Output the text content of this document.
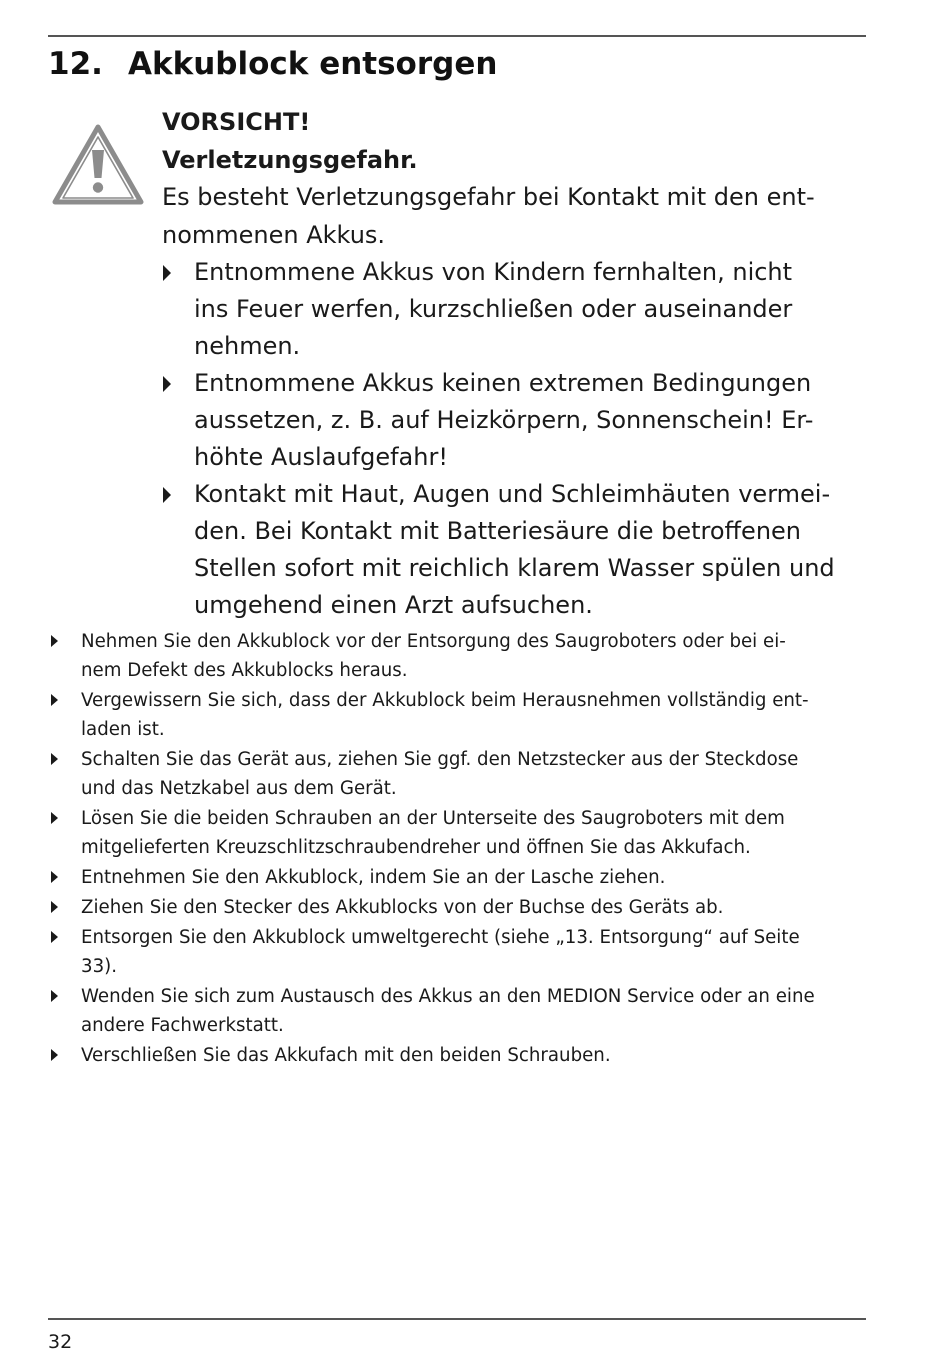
12. Akkublock entsorgen
VORSICHT!
Verletzungsgefahr.
Es besteht Verletzungsgefahr bei Kontakt mit den ent-
nommenen Akkus.
Entnommene Akkus von Kindern fernhalten, nicht
ins Feuer werfen, kurzschließen oder auseinander
nehmen.
Entnommene Akkus keinen extremen Bedingungen
aussetzen, z. B. auf Heizkörpern, Sonnenschein! Er-
höhte Auslaufgefahr!
Kontakt mit Haut, Augen und Schleimhäuten vermei-
den. Bei Kontakt mit Batteriesäure die betroffenen
Stellen sofort mit reichlich klarem Wasser spülen und
umgehend einen Arzt aufsuchen.
Nehmen Sie den Akkublock vor der Entsorgung des Saugroboters oder bei ei-
nem Defekt des Akkublocks heraus.
Vergewissern Sie sich, dass der Akkublock beim Herausnehmen vollständig ent-
laden ist.
Schalten Sie das Gerät aus, ziehen Sie ggf. den Netzstecker aus der Steckdose
und das Netzkabel aus dem Gerät.
Lösen Sie die beiden Schrauben an der Unterseite des Saugroboters mit dem
mitgelieferten Kreuzschlitzschraubendreher und öffnen Sie das Akkufach.
Entnehmen Sie den Akkublock, indem Sie an der Lasche ziehen.
Ziehen Sie den Stecker des Akkublocks von der Buchse des Geräts ab.
Entsorgen Sie den Akkublock umweltgerecht (siehe „13. Entsorgung“ auf Seite
33).
Wenden Sie sich zum Austausch des Akkus an den MEDION Service oder an eine
andere Fachwerkstatt.
Verschließen Sie das Akkufach mit den beiden Schrauben.
32
